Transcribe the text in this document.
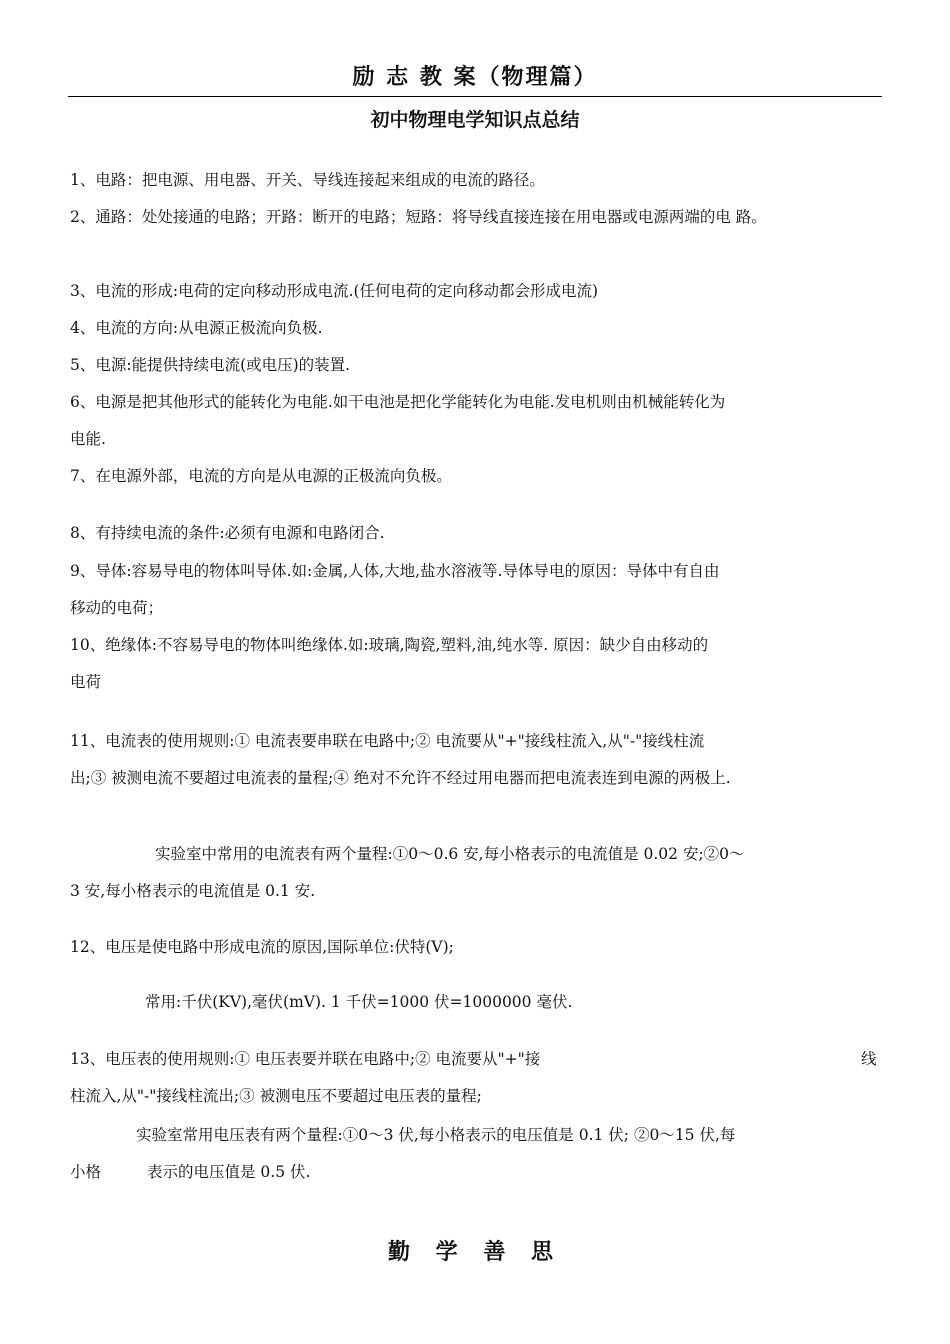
励 志 教 案（物理篇）
初中物理电学知识点总结
1、电路：把电源、用电器、开关、导线连接起来组成的电流的路径。
2、通路：处处接通的电路；开路：断开的电路；短路：将导线直接连接在用电器或电源两端的电 路。
3、电流的形成:电荷的定向移动形成电流.(任何电荷的定向移动都会形成电流)
4、电流的方向:从电源正极流向负极.
5、电源:能提供持续电流(或电压)的装置.
6、电源是把其他形式的能转化为电能.如干电池是把化学能转化为电能.发电机则由机械能转化为
电能.
7、在电源外部，电流的方向是从电源的正极流向负极。
8、有持续电流的条件:必须有电源和电路闭合.
9、导体:容易导电的物体叫导体.如:金属,人体,大地,盐水溶液等.导体导电的原因：导体中有自由
移动的电荷；
10、绝缘体:不容易导电的物体叫绝缘体.如:玻璃,陶瓷,塑料,油,纯水等. 原因：缺少自由移动的
电荷
11、电流表的使用规则:① 电流表要串联在电路中;② 电流要从"+"接线柱流入,从"-"接线柱流
出;③ 被测电流不要超过电流表的量程;④ 绝对不允许不经过用电器而把电流表连到电源的两极上.
实验室中常用的电流表有两个量程:①0～0.6 安,每小格表示的电流值是 0.02 安;②0～
3 安,每小格表示的电流值是 0.1 安.
12、电压是使电路中形成电流的原因,国际单位:伏特(V);
常用:千伏(KV),毫伏(mV). 1 千伏=1000 伏=1000000 毫伏.
13、电压表的使用规则:① 电压表要并联在电路中;② 电流要从"+"接	线
柱流入,从"-"接线柱流出;③ 被测电压不要超过电压表的量程;
实验室常用电压表有两个量程:①0～3 伏,每小格表示的电压值是 0.1 伏; ②0～15 伏,每
小格	表示的电压值是 0.5 伏.
勤 学 善 思
